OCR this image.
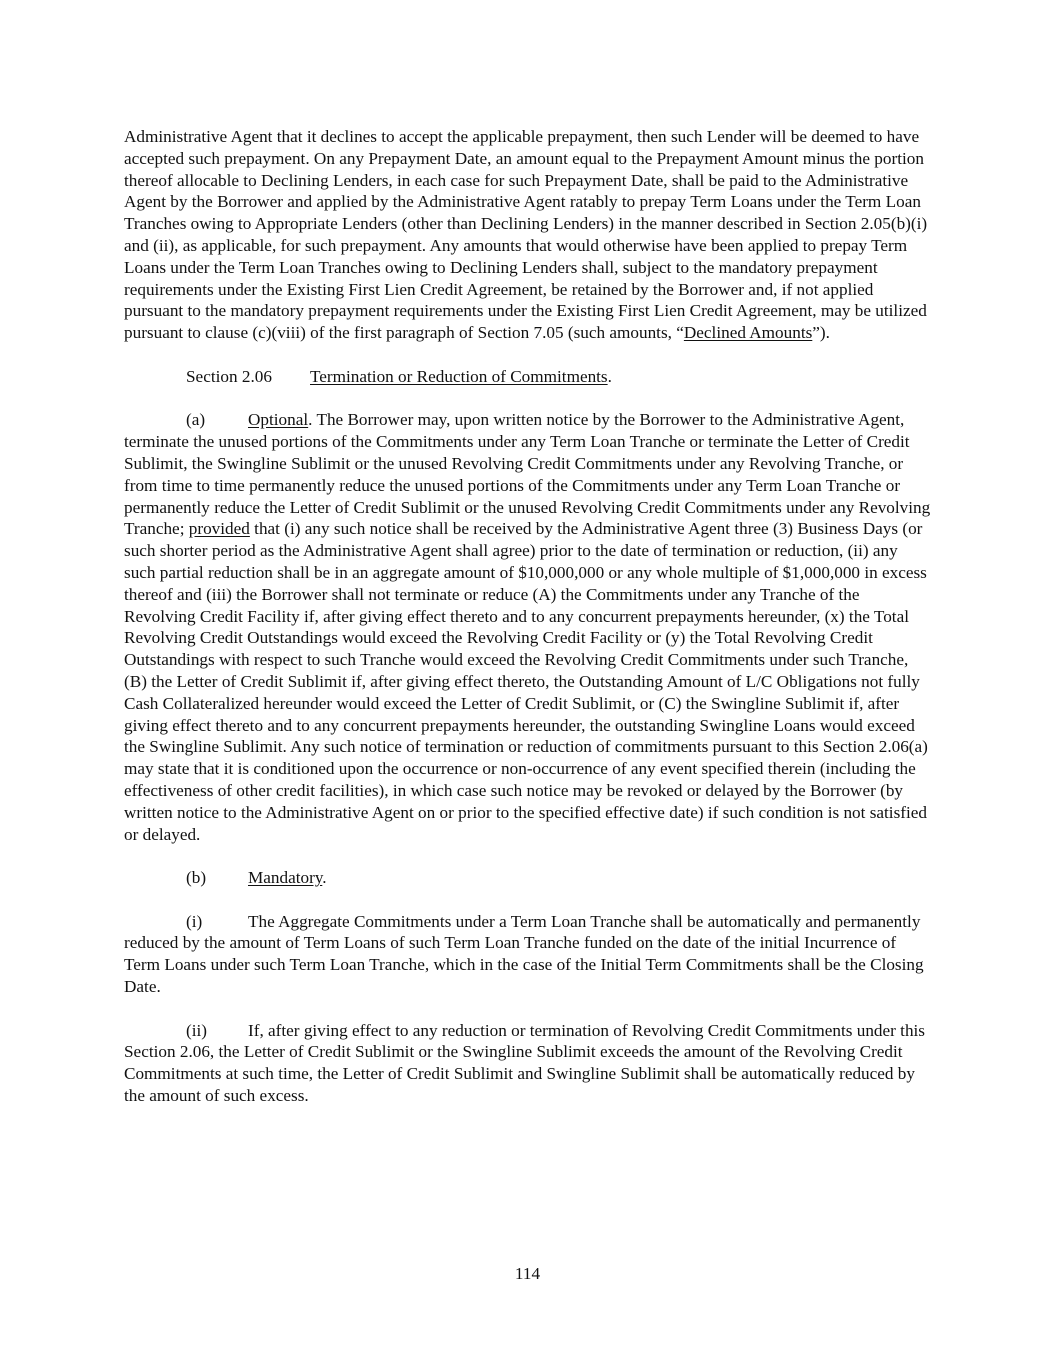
Administrative Agent that it declines to accept the applicable prepayment, then such Lender will be deemed to have accepted such prepayment. On any Prepayment Date, an amount equal to the Prepayment Amount minus the portion thereof allocable to Declining Lenders, in each case for such Prepayment Date, shall be paid to the Administrative Agent by the Borrower and applied by the Administrative Agent ratably to prepay Term Loans under the Term Loan Tranches owing to Appropriate Lenders (other than Declining Lenders) in the manner described in Section 2.05(b)(i) and (ii), as applicable, for such prepayment. Any amounts that would otherwise have been applied to prepay Term Loans under the Term Loan Tranches owing to Declining Lenders shall, subject to the mandatory prepayment requirements under the Existing First Lien Credit Agreement, be retained by the Borrower and, if not applied pursuant to the mandatory prepayment requirements under the Existing First Lien Credit Agreement, may be utilized pursuant to clause (c)(viii) of the first paragraph of Section 7.05 (such amounts, “Declined Amounts”).

Section 2.06 Termination or Reduction of Commitments.

(a) Optional. The Borrower may, upon written notice by the Borrower to the Administrative Agent, terminate the unused portions of the Commitments under any Term Loan Tranche or terminate the Letter of Credit Sublimit, the Swingline Sublimit or the unused Revolving Credit Commitments under any Revolving Tranche, or from time to time permanently reduce the unused portions of the Commitments under any Term Loan Tranche or permanently reduce the Letter of Credit Sublimit or the unused Revolving Credit Commitments under any Revolving Tranche; provided that (i) any such notice shall be received by the Administrative Agent three (3) Business Days (or such shorter period as the Administrative Agent shall agree) prior to the date of termination or reduction, (ii) any such partial reduction shall be in an aggregate amount of $10,000,000 or any whole multiple of $1,000,000 in excess thereof and (iii) the Borrower shall not terminate or reduce (A) the Commitments under any Tranche of the Revolving Credit Facility if, after giving effect thereto and to any concurrent prepayments hereunder, (x) the Total Revolving Credit Outstandings would exceed the Revolving Credit Facility or (y) the Total Revolving Credit Outstandings with respect to such Tranche would exceed the Revolving Credit Commitments under such Tranche, (B) the Letter of Credit Sublimit if, after giving effect thereto, the Outstanding Amount of L/C Obligations not fully Cash Collateralized hereunder would exceed the Letter of Credit Sublimit, or (C) the Swingline Sublimit if, after giving effect thereto and to any concurrent prepayments hereunder, the outstanding Swingline Loans would exceed the Swingline Sublimit. Any such notice of termination or reduction of commitments pursuant to this Section 2.06(a) may state that it is conditioned upon the occurrence or non-occurrence of any event specified therein (including the effectiveness of other credit facilities), in which case such notice may be revoked or delayed by the Borrower (by written notice to the Administrative Agent on or prior to the specified effective date) if such condition is not satisfied or delayed.

(b) Mandatory.

(i)	The Aggregate Commitments under a Term Loan Tranche shall be automatically and permanently reduced by the amount of Term Loans of such Term Loan Tranche funded on the date of the initial Incurrence of Term Loans under such Term Loan Tranche, which in the case of the Initial Term Commitments shall be the Closing Date.

(ii) If, after giving effect to any reduction or termination of Revolving Credit Commitments under this Section 2.06, the Letter of Credit Sublimit or the Swingline Sublimit exceeds the amount of the Revolving Credit Commitments at such time, the Letter of Credit Sublimit and Swingline Sublimit shall be automatically reduced by the amount of such excess.

114
